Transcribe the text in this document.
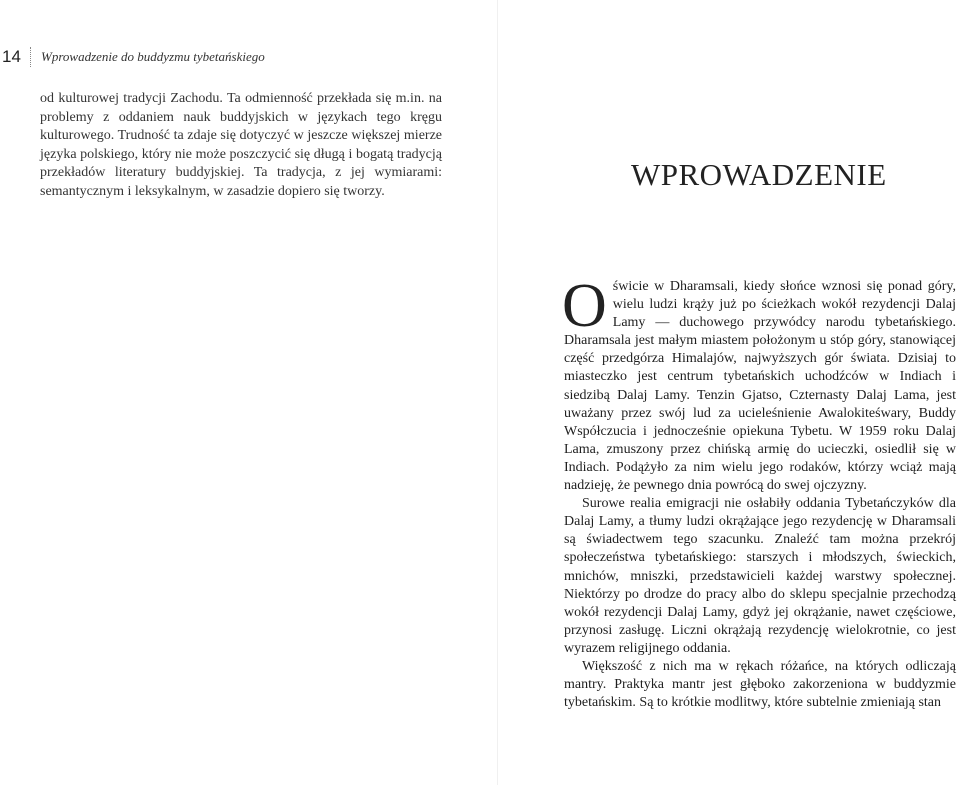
14	Wprowadzenie do buddyzmu tybetańskiego

od kulturowej tradycji Zachodu. Ta odmienność przekłada się m.in. na problemy z oddaniem nauk buddyjskich w językach tego kręgu kulturowego. Trudność ta zdaje się dotyczyć w jeszcze większej mierze języka polskiego, który nie może poszczycić się długą i bogatą tradycją przekładów literatury buddyjskiej. Ta tradycja, z jej wymiarami: semantycznym i leksykalnym, w zasadzie dopiero się tworzy.	WPROWADZENIE

Oświcie w Dharamsali, kiedy słońce wznosi się ponad góry, wielu ludzi krąży już po ścieżkach wokół rezydencji Dalaj Lamy — duchowego przywódcy narodu tybetańskiego. Dharamsala jest małym miastem położonym u stóp góry, stanowiącej część przedgórza Himalajów, najwyższych gór świata. Dzisiaj to miasteczko jest centrum tybetańskich uchodźców w Indiach i siedzibą Dalaj Lamy. Tenzin Gjatso, Czternasty Dalaj Lama, jest uważany przez swój lud za ucieleśnienie Awalokiteśwary, Buddy Współczucia i jednocześnie opiekuna Tybetu. W 1959 roku Dalaj Lama, zmuszony przez chińską armię do ucieczki, osiedlił się w Indiach. Podążyło za nim wielu jego rodaków, którzy wciąż mają nadzieję, że pewnego dnia powrócą do swej ojczyzny.

Surowe realia emigracji nie osłabiły oddania Tybetańczyków dla Dalaj Lamy, a tłumy ludzi okrążające jego rezydencję w Dharamsali są świadectwem tego szacunku. Znaleźć tam można przekrój społeczeństwa tybetańskiego: starszych i młodszych, świeckich, mnichów, mniszki, przedstawicieli każdej warstwy społecznej. Niektórzy po drodze do pracy albo do sklepu specjalnie przechodzą wokół rezydencji Dalaj Lamy, gdyż jej okrążanie, nawet częściowe, przynosi zasługę. Liczni okrążają rezydencję wielokrotnie, co jest wyrazem religijnego oddania.

Większość z nich ma w rękach różańce, na których odliczają mantry. Praktyka mantr jest głęboko zakorzeniona w buddyzmie tybetańskim. Są to krótkie modlitwy, które subtelnie zmieniają stan
